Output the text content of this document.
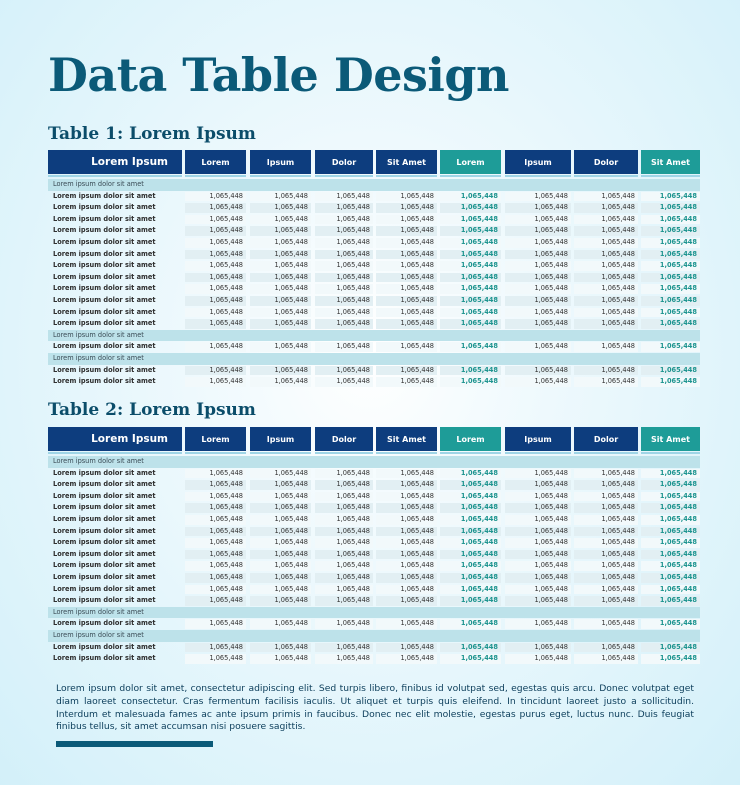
Data Table Design
Table 1: Lorem Ipsum
Lorem Ipsum	Lorem	Ipsum	Dolor	Sit Amet	Lorem	Ipsum	Dolor	Sit Amet
Lorem ipsum dolor sit amet
Lorem ipsum dolor sit amet	1,065,448	1,065,448	1,065,448	1,065,448	1,065,448	1,065,448	1,065,448	1,065,448
Lorem ipsum dolor sit amet	1,065,448	1,065,448	1,065,448	1,065,448	1,065,448	1,065,448	1,065,448	1,065,448
Lorem ipsum dolor sit amet	1,065,448	1,065,448	1,065,448	1,065,448	1,065,448	1,065,448	1,065,448	1,065,448
Lorem ipsum dolor sit amet	1,065,448	1,065,448	1,065,448	1,065,448	1,065,448	1,065,448	1,065,448	1,065,448
Lorem ipsum dolor sit amet	1,065,448	1,065,448	1,065,448	1,065,448	1,065,448	1,065,448	1,065,448	1,065,448
Lorem ipsum dolor sit amet	1,065,448	1,065,448	1,065,448	1,065,448	1,065,448	1,065,448	1,065,448	1,065,448
Lorem ipsum dolor sit amet	1,065,448	1,065,448	1,065,448	1,065,448	1,065,448	1,065,448	1,065,448	1,065,448
Lorem ipsum dolor sit amet	1,065,448	1,065,448	1,065,448	1,065,448	1,065,448	1,065,448	1,065,448	1,065,448
Lorem ipsum dolor sit amet	1,065,448	1,065,448	1,065,448	1,065,448	1,065,448	1,065,448	1,065,448	1,065,448
Lorem ipsum dolor sit amet	1,065,448	1,065,448	1,065,448	1,065,448	1,065,448	1,065,448	1,065,448	1,065,448
Lorem ipsum dolor sit amet	1,065,448	1,065,448	1,065,448	1,065,448	1,065,448	1,065,448	1,065,448	1,065,448
Lorem ipsum dolor sit amet	1,065,448	1,065,448	1,065,448	1,065,448	1,065,448	1,065,448	1,065,448	1,065,448
Lorem ipsum dolor sit amet
Lorem ipsum dolor sit amet	1,065,448	1,065,448	1,065,448	1,065,448	1,065,448	1,065,448	1,065,448	1,065,448
Lorem ipsum dolor sit amet
Lorem ipsum dolor sit amet	1,065,448	1,065,448	1,065,448	1,065,448	1,065,448	1,065,448	1,065,448	1,065,448
Lorem ipsum dolor sit amet	1,065,448	1,065,448	1,065,448	1,065,448	1,065,448	1,065,448	1,065,448	1,065,448
Table 2: Lorem Ipsum
Lorem Ipsum	Lorem	Ipsum	Dolor	Sit Amet	Lorem	Ipsum	Dolor	Sit Amet
Lorem ipsum dolor sit amet
Lorem ipsum dolor sit amet	1,065,448	1,065,448	1,065,448	1,065,448	1,065,448	1,065,448	1,065,448	1,065,448
Lorem ipsum dolor sit amet	1,065,448	1,065,448	1,065,448	1,065,448	1,065,448	1,065,448	1,065,448	1,065,448
Lorem ipsum dolor sit amet	1,065,448	1,065,448	1,065,448	1,065,448	1,065,448	1,065,448	1,065,448	1,065,448
Lorem ipsum dolor sit amet	1,065,448	1,065,448	1,065,448	1,065,448	1,065,448	1,065,448	1,065,448	1,065,448
Lorem ipsum dolor sit amet	1,065,448	1,065,448	1,065,448	1,065,448	1,065,448	1,065,448	1,065,448	1,065,448
Lorem ipsum dolor sit amet	1,065,448	1,065,448	1,065,448	1,065,448	1,065,448	1,065,448	1,065,448	1,065,448
Lorem ipsum dolor sit amet	1,065,448	1,065,448	1,065,448	1,065,448	1,065,448	1,065,448	1,065,448	1,065,448
Lorem ipsum dolor sit amet	1,065,448	1,065,448	1,065,448	1,065,448	1,065,448	1,065,448	1,065,448	1,065,448
Lorem ipsum dolor sit amet	1,065,448	1,065,448	1,065,448	1,065,448	1,065,448	1,065,448	1,065,448	1,065,448
Lorem ipsum dolor sit amet	1,065,448	1,065,448	1,065,448	1,065,448	1,065,448	1,065,448	1,065,448	1,065,448
Lorem ipsum dolor sit amet	1,065,448	1,065,448	1,065,448	1,065,448	1,065,448	1,065,448	1,065,448	1,065,448
Lorem ipsum dolor sit amet	1,065,448	1,065,448	1,065,448	1,065,448	1,065,448	1,065,448	1,065,448	1,065,448
Lorem ipsum dolor sit amet
Lorem ipsum dolor sit amet	1,065,448	1,065,448	1,065,448	1,065,448	1,065,448	1,065,448	1,065,448	1,065,448
Lorem ipsum dolor sit amet
Lorem ipsum dolor sit amet	1,065,448	1,065,448	1,065,448	1,065,448	1,065,448	1,065,448	1,065,448	1,065,448
Lorem ipsum dolor sit amet	1,065,448	1,065,448	1,065,448	1,065,448	1,065,448	1,065,448	1,065,448	1,065,448

Lorem ipsum dolor sit amet, consectetur adipiscing elit. Sed turpis libero, finibus id volutpat sed, egestas quis arcu. Donec volutpat eget diam laoreet consectetur. Cras fermentum facilisis iaculis. Ut aliquet et turpis quis eleifend. In tincidunt laoreet justo a sollicitudin. Interdum et malesuada fames ac ante ipsum primis in faucibus. Donec nec elit molestie, egestas purus eget, luctus nunc. Duis feugiat finibus tellus, sit amet accumsan nisi posuere sagittis.
